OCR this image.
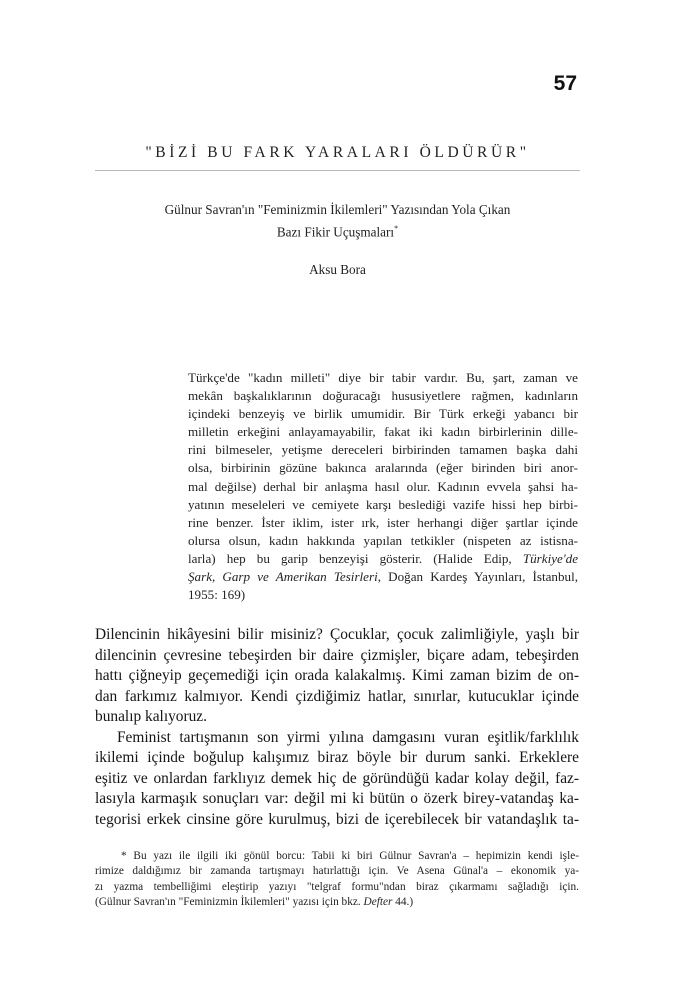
57
"BİZİ BU FARK YARALARI ÖLDÜRÜR"
Gülnur Savran'ın "Feminizmin İkilemleri" Yazısından Yola Çıkan
Bazı Fikir Uçuşmaları*
Aksu Bora
Türkçe'de "kadın milleti" diye bir tabir vardır. Bu, şart, zaman ve
mekân başkalıklarının doğuracağı hususiyetlere rağmen, kadınların
içindeki benzeyiş ve birlik umumidir. Bir Türk erkeği yabancı bir
milletin erkeğini anlayamayabilir, fakat iki kadın birbirlerinin dille-
rini bilmeseler, yetişme dereceleri birbirinden tamamen başka dahi
olsa, birbirinin gözüne bakınca aralarında (eğer birinden biri anor-
mal değilse) derhal bir anlaşma hasıl olur. Kadının evvela şahsi ha-
yatının meseleleri ve cemiyete karşı beslediği vazife hissi hep birbi-
rine benzer. İster iklim, ister ırk, ister herhangi diğer şartlar içinde
olursa olsun, kadın hakkında yapılan tetkikler (nispeten az istisna-
larla) hep bu garip benzeyişi gösterir. (Halide Edip, Türkiye'de
Şark, Garp ve Amerikan Tesirleri, Doğan Kardeş Yayınları, İstanbul,
1955: 169)
Dilencinin hikâyesini bilir misiniz? Çocuklar, çocuk zalimliğiyle, yaşlı bir
dilencinin çevresine tebeşirden bir daire çizmişler, biçare adam, tebeşirden
hattı çiğneyip geçemediği için orada kalakalmış. Kimi zaman bizim de on-
dan farkımız kalmıyor. Kendi çizdiğimiz hatlar, sınırlar, kutucuklar içinde
bunalıp kalıyoruz.
Feminist tartışmanın son yirmi yılına damgasını vuran eşitlik/farklılık
ikilemi içinde boğulup kalışımız biraz böyle bir durum sanki. Erkeklere
eşitiz ve onlardan farklıyız demek hiç de göründüğü kadar kolay değil, faz-
lasıyla karmaşık sonuçları var: değil mi ki bütün o özerk birey-vatandaş ka-
tegorisi erkek cinsine göre kurulmuş, bizi de içerebilecek bir vatandaşlık ta-
* Bu yazı ile ilgili iki gönül borcu: Tabii ki biri Gülnur Savran'a – hepimizin kendi işle-
rimize daldığımız bir zamanda tartışmayı hatırlattığı için. Ve Asena Günal'a – ekonomik ya-
zı yazma tembelliğimi eleştirip yazıyı "telgraf formu"ndan biraz çıkarmamı sağladığı için.
(Gülnur Savran'ın "Feminizmin İkilemleri" yazısı için bkz. Defter 44.)
